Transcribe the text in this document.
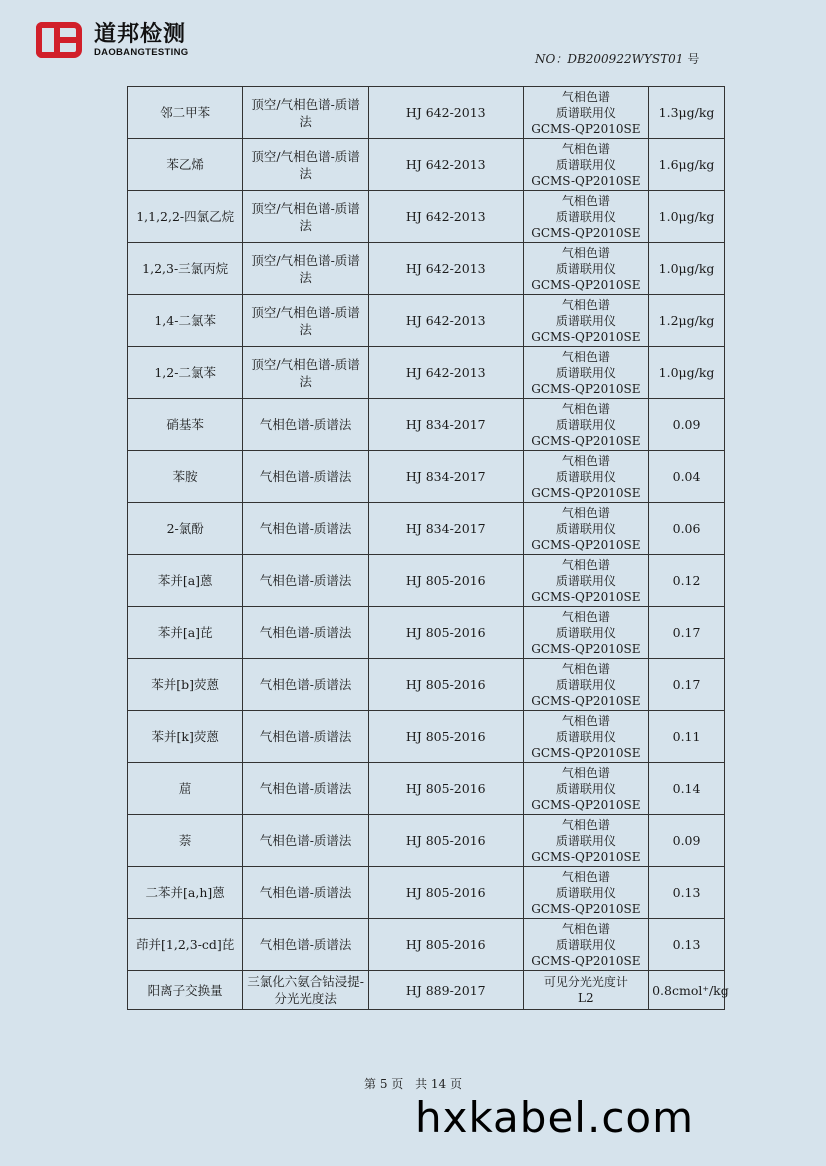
道邦检测
DAOBANGTESTING	NO：DB200922WYST01 号
邻二甲苯	顶空/气相色谱-质谱法	HJ 642-2013	气相色谱
质谱联用仪
GCMS-QP2010SE	1.3μg/kg
苯乙烯	顶空/气相色谱-质谱法	HJ 642-2013	气相色谱
质谱联用仪
GCMS-QP2010SE	1.6μg/kg
1,1,2,2-四氯乙烷	顶空/气相色谱-质谱法	HJ 642-2013	气相色谱
质谱联用仪
GCMS-QP2010SE	1.0μg/kg
1,2,3-三氯丙烷	顶空/气相色谱-质谱法	HJ 642-2013	气相色谱
质谱联用仪
GCMS-QP2010SE	1.0μg/kg
1,4-二氯苯	顶空/气相色谱-质谱法	HJ 642-2013	气相色谱
质谱联用仪
GCMS-QP2010SE	1.2μg/kg
1,2-二氯苯	顶空/气相色谱-质谱法	HJ 642-2013	气相色谱
质谱联用仪
GCMS-QP2010SE	1.0μg/kg
硝基苯	气相色谱-质谱法	HJ 834-2017	气相色谱
质谱联用仪
GCMS-QP2010SE	0.09
苯胺	气相色谱-质谱法	HJ 834-2017	气相色谱
质谱联用仪
GCMS-QP2010SE	0.04
2-氯酚	气相色谱-质谱法	HJ 834-2017	气相色谱
质谱联用仪
GCMS-QP2010SE	0.06
苯并[a]蒽	气相色谱-质谱法	HJ 805-2016	气相色谱
质谱联用仪
GCMS-QP2010SE	0.12
苯并[a]芘	气相色谱-质谱法	HJ 805-2016	气相色谱
质谱联用仪
GCMS-QP2010SE	0.17
苯并[b]荧蒽	气相色谱-质谱法	HJ 805-2016	气相色谱
质谱联用仪
GCMS-QP2010SE	0.17
苯并[k]荧蒽	气相色谱-质谱法	HJ 805-2016	气相色谱
质谱联用仪
GCMS-QP2010SE	0.11
䓛	气相色谱-质谱法	HJ 805-2016	气相色谱
质谱联用仪
GCMS-QP2010SE	0.14
萘	气相色谱-质谱法	HJ 805-2016	气相色谱
质谱联用仪
GCMS-QP2010SE	0.09
二苯并[a,h]蒽	气相色谱-质谱法	HJ 805-2016	气相色谱
质谱联用仪
GCMS-QP2010SE	0.13
茚并[1,2,3-cd]芘	气相色谱-质谱法	HJ 805-2016	气相色谱
质谱联用仪
GCMS-QP2010SE	0.13
阳离子交换量	三氯化六氨合钴浸提-分光光度法	HJ 889-2017	可见分光光度计
L2	0.8cmol⁺/kg
第 5 页 共 14 页
hxkabel.com
